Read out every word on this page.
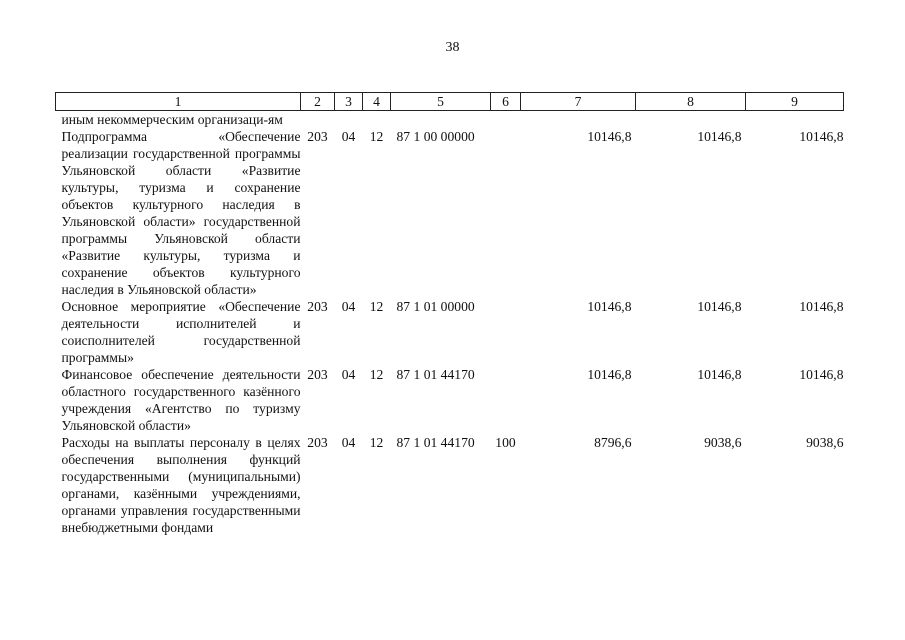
38
1	2	3	4	5	6	7	8	9
иным некоммерческим организаци-ям								
Подпрограмма «Обеспечение реализации государственной программы Ульяновской области «Развитие культуры, туризма и сохранение объектов культурного наследия в Ульяновской области» государственной программы Ульяновской области «Развитие культуры, туризма и сохранение объектов культурного наследия в Ульяновской области»	203	04	12	87 1 00 00000		10146,8	10146,8	10146,8
Основное мероприятие «Обеспечение деятельности исполнителей и соисполнителей государственной программы»	203	04	12	87 1 01 00000		10146,8	10146,8	10146,8
Финансовое обеспечение деятельности областного государственного казённого учреждения «Агентство по туризму Ульяновской области»	203	04	12	87 1 01 44170		10146,8	10146,8	10146,8
Расходы на выплаты персоналу в целях обеспечения выполнения функций государственными (муниципальными) органами, казёнными учреждениями, органами управления государственными внебюджетными фондами	203	04	12	87 1 01 44170	100	8796,6	9038,6	9038,6
